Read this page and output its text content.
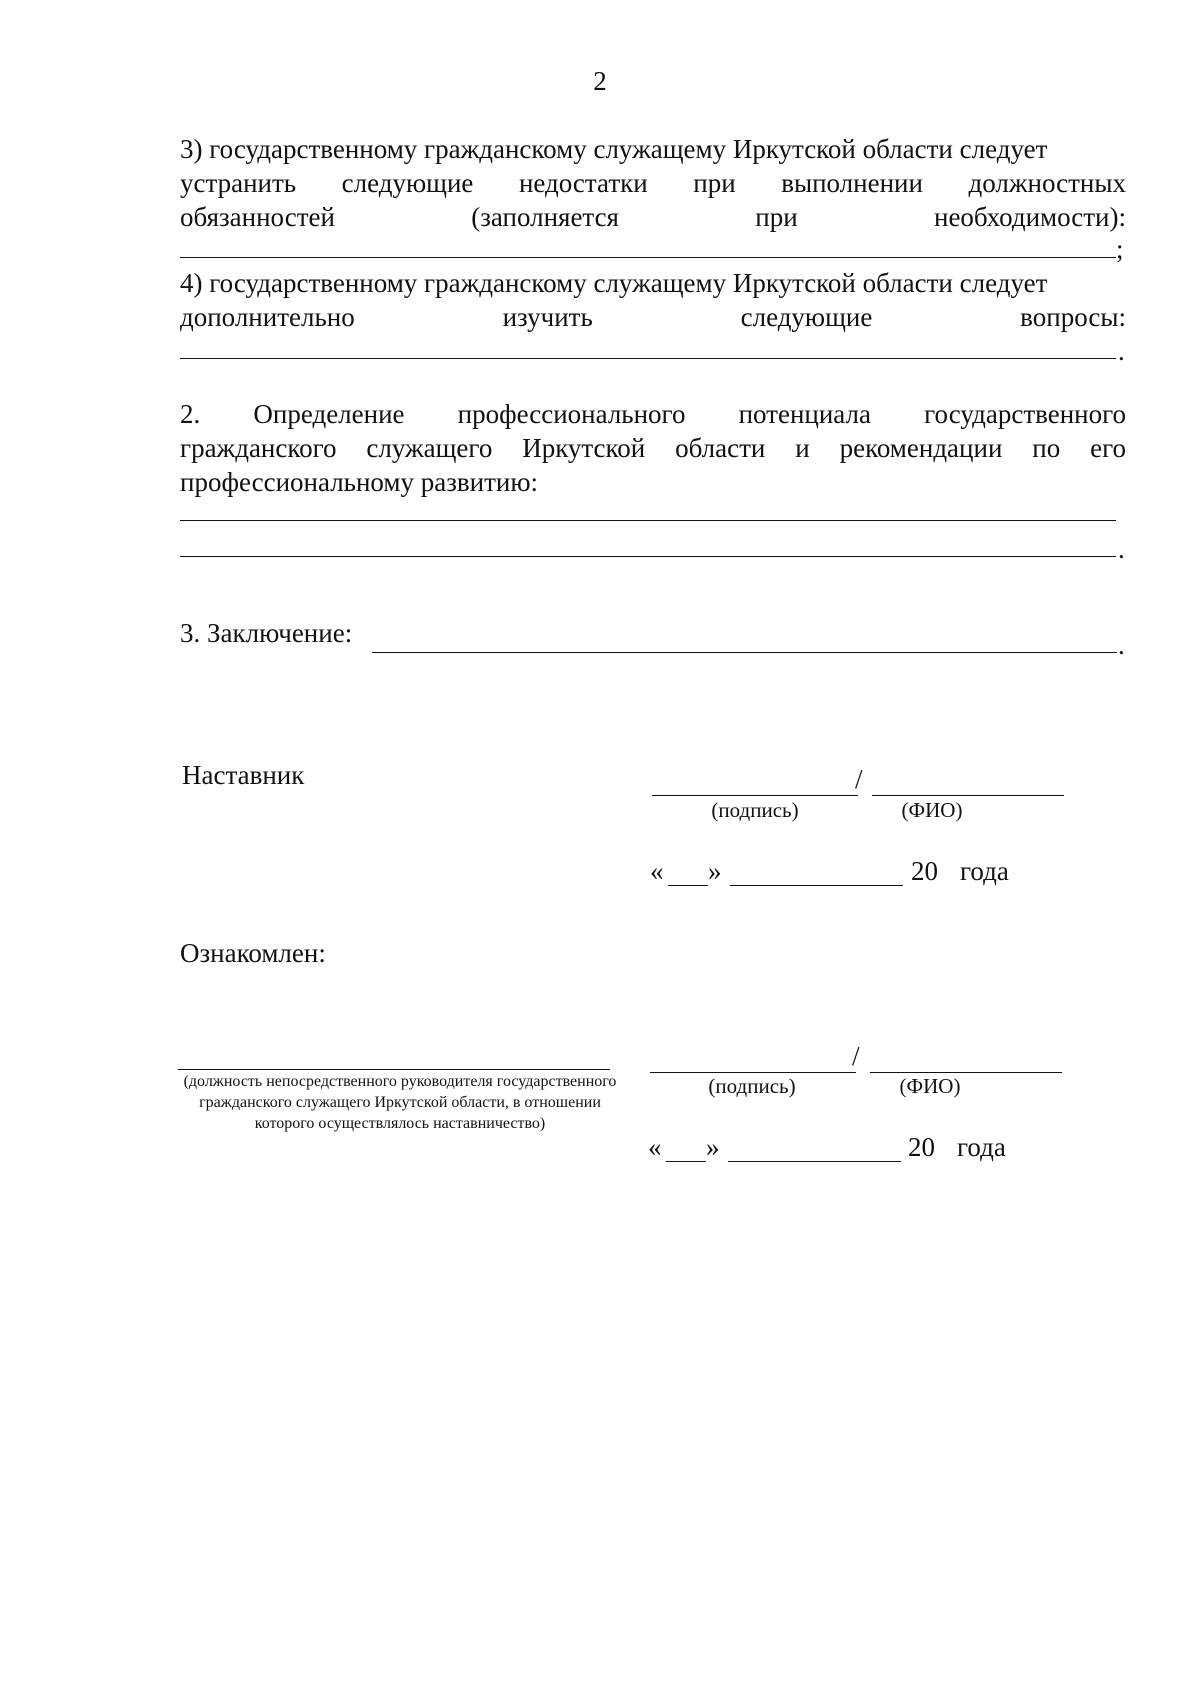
2
3) государственному гражданскому служащему Иркутской области следует
устранить следующие недостатки при выполнении должностных
обязанностей (заполняется при необходимости):
;
4) государственному гражданскому служащему Иркутской области следует
дополнительно изучить следующие вопросы:
.
2. Определение профессионального потенциала государственного
гражданского служащего Иркутской области и рекомендации по его
профессиональному развитию:
.
3. Заключение:	.
Наставник	/
(подпись)	(ФИО)
« »	20 года
Ознакомлен:
(должность непосредственного руководителя государственного гражданского служащего Иркутской области, в отношении которого осуществлялось наставничество)
/
(подпись)	(ФИО)
« »	20 года
